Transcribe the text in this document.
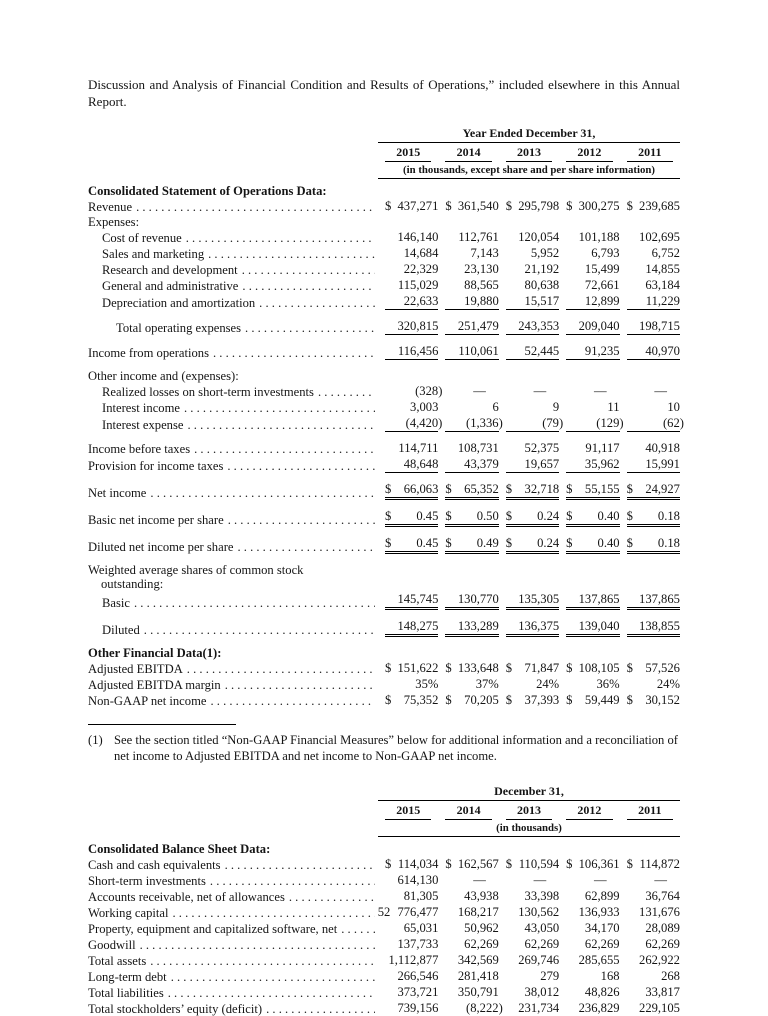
Discussion and Analysis of Financial Condition and Results of Operations,” included elsewhere in this Annual Report.

Year Ended December 31,
2015	2014	2013	2012	2011
(in thousands, except share and per share information)
Consolidated Statement of Operations Data:
Revenue . . .	$ 437,271 $ 361,540 $ 295,798 $ 300,275 $ 239,685
Expenses:
Cost of revenue . . .	146,140 112,761 120,054 101,188 102,695
Sales and marketing . . .	14,684	7,143	5,952	6,793	6,752
Research and development . . .	22,329 23,130 21,192 15,499 14,855
General and administrative . . .	115,029 88,565 80,638 72,661 63,184
Depreciation and amortization . . .	22,633 19,880 15,517 12,899 11,229
Total operating expenses . . .	320,815 251,479 243,353 209,040 198,715
Income from operations . . .	116,456 110,061 52,445 91,235 40,970
Other income and (expenses):
Realized losses on short-term investments . . .	(328) —	—	—	—
Interest income . . .	3,003	6	9	11	10
Interest expense . . .	(4,420) (1,336)	(79)	(129)	(62)
Income before taxes . . .	114,711 108,731 52,375 91,117 40,918
Provision for income taxes . . .	48,648 43,379 19,657 35,962 15,991
Net income . . .	$ 66,063 $ 65,352 $ 32,718 $ 55,155 $ 24,927
Basic net income per share . . .	$ 0.45 $ 0.50 $ 0.24 $ 0.40 $ 0.18
Diluted net income per share . . .	$ 0.45 $ 0.49 $ 0.24 $ 0.40 $ 0.18
Weighted average shares of common stock outstanding:
Basic . . .	145,745 130,770 135,305 137,865 137,865
Diluted . . .	148,275 133,289 136,375 139,040 138,855
Other Financial Data(1):
Adjusted EBITDA . . .	$ 151,622 $ 133,648 $ 71,847 $ 108,105 $ 57,526
Adjusted EBITDA margin . . .	35%	37%	24%	36%	24%
Non-GAAP net income . . .	$ 75,352 $ 70,205 $ 37,393 $ 59,449 $ 30,152
(1) See the section titled “Non-GAAP Financial Measures” below for additional information and a reconciliation of net income to Adjusted EBITDA and net income to Non-GAAP net income.
December 31,
2015	2014	2013	2012	2011
(in thousands)
Consolidated Balance Sheet Data:
Cash and cash equivalents . . .	$ 114,034 $ 162,567 $ 110,594 $ 106,361 $ 114,872
Short-term investments . . .	614,130	—	—	—	—
Accounts receivable, net of allowances . . .	81,305 43,938 33,398 62,899 36,764
Working capital . . .	776,477 168,217 130,562 136,933 131,676
Property, equipment and capitalized software, net . . .	65,031 50,962 43,050 34,170 28,089
Goodwill . . .	137,733 62,269 62,269 62,269 62,269
Total assets . . .	1,112,877 342,569 269,746 285,655 262,922
Long-term debt . . .	266,546 281,418	279	168	268
Total liabilities . . .	373,721 350,791 38,012 48,826 33,817
Total stockholders’ equity (deficit) . . .	739,156 (8,222) 231,734 236,829 229,105
52
